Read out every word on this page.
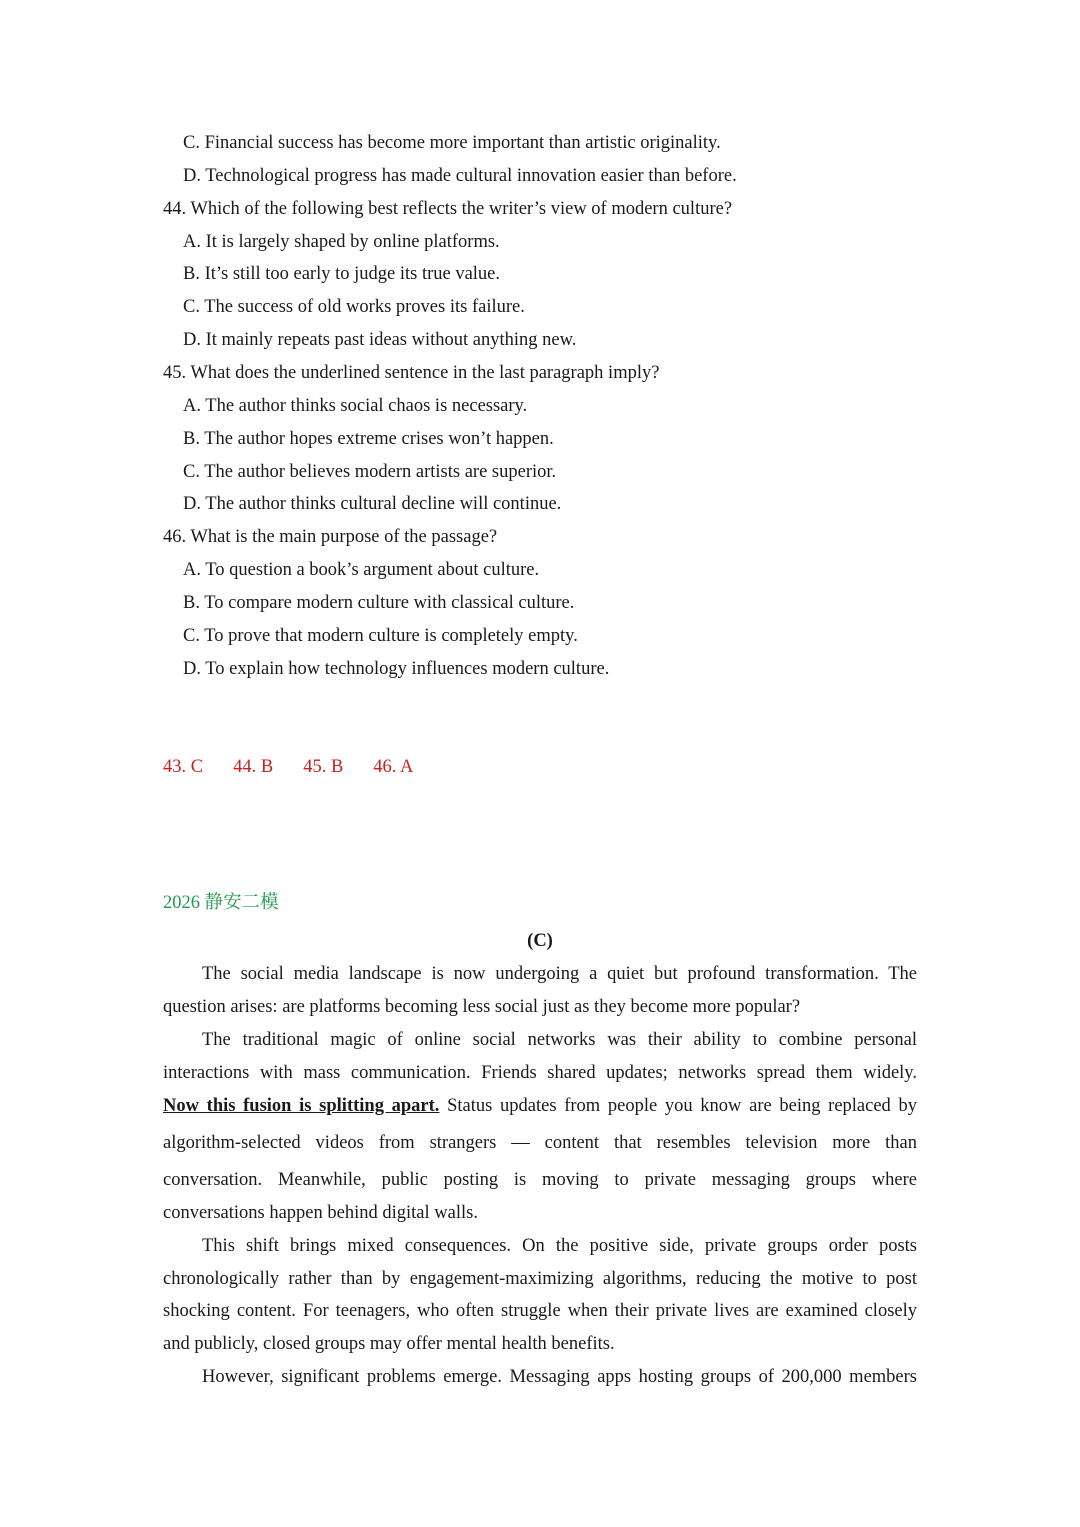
C. Financial success has become more important than artistic originality.
D. Technological progress has made cultural innovation easier than before.
44. Which of the following best reflects the writer’s view of modern culture?
A. It is largely shaped by online platforms.
B. It’s still too early to judge its true value.
C. The success of old works proves its failure.
D. It mainly repeats past ideas without anything new.
45. What does the underlined sentence in the last paragraph imply?
A. The author thinks social chaos is necessary.
B. The author hopes extreme crises won’t happen.
C. The author believes modern artists are superior.
D. The author thinks cultural decline will continue.
46. What is the main purpose of the passage?
A. To question a book’s argument about culture.
B. To compare modern culture with classical culture.
C. To prove that modern culture is completely empty.
D. To explain how technology influences modern culture.
43. C 44. B 45. B 46. A
2026 静安二模
(C)
The social media landscape is now undergoing a quiet but profound transformation. The
question arises: are platforms becoming less social just as they become more popular?
The traditional magic of online social networks was their ability to combine personal
interactions with mass communication. Friends shared updates; networks spread them widely.
Now this fusion is splitting apart. Status updates from people you know are being replaced by
algorithm-selected videos from strangers — content that resembles television more than
conversation. Meanwhile, public posting is moving to private messaging groups where
conversations happen behind digital walls.
This shift brings mixed consequences. On the positive side, private groups order posts
chronologically rather than by engagement-maximizing algorithms, reducing the motive to post
shocking content. For teenagers, who often struggle when their private lives are examined closely
and publicly, closed groups may offer mental health benefits.
However, significant problems emerge. Messaging apps hosting groups of 200,000 members
